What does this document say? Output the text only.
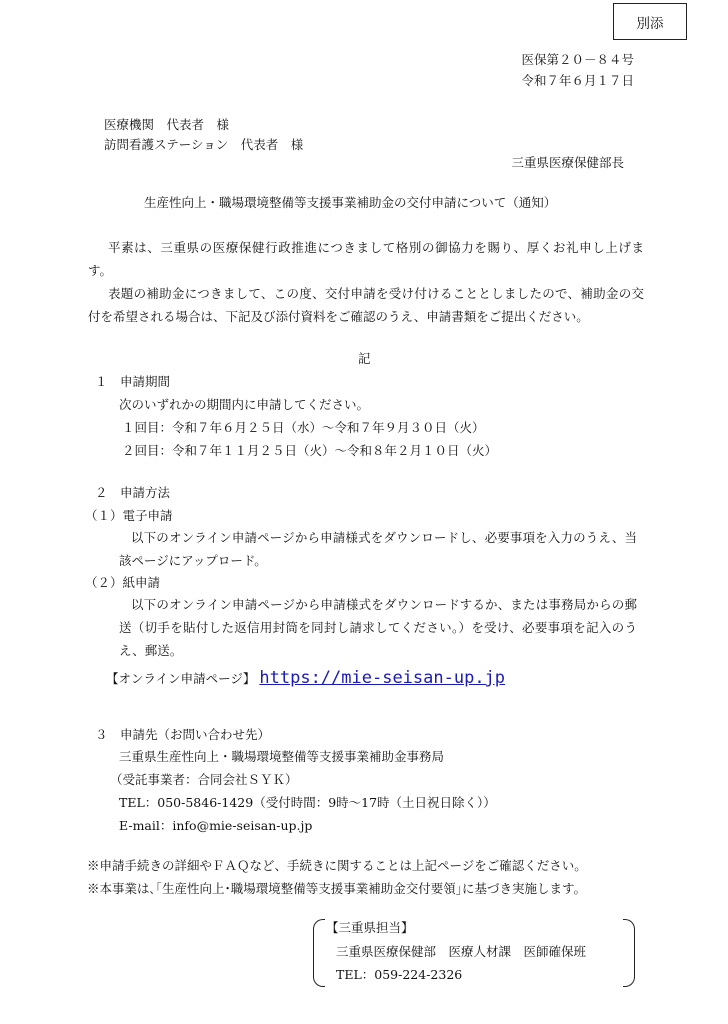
別添
医保第２０－８４号
令和７年６月１７日
医療機関　代表者　様
訪問看護ステーション　代表者　様
三重県医療保健部長
生産性向上・職場環境整備等支援事業補助金の交付申請について（通知）
平素は、三重県の医療保健行政推進につきまして格別の御協力を賜り、厚くお礼申し上げます。
表題の補助金につきまして、この度、交付申請を受け付けることとしましたので、補助金の交付を希望される場合は、下記及び添付資料をご確認のうえ、申請書類をご提出ください。
記
１　申請期間
次のいずれかの期間内に申請してください。
１回目：令和７年６月２５日（水）～令和７年９月３０日（火）
２回目：令和７年１１月２５日（火）～令和８年２月１０日（火）
２　申請方法
（１）電子申請
以下のオンライン申請ページから申請様式をダウンロードし、必要事項を入力のうえ、当該ページにアップロード。
（２）紙申請
以下のオンライン申請ページから申請様式をダウンロードするか、または事務局からの郵送（切手を貼付した返信用封筒を同封し請求してください。）を受け、必要事項を記入のうえ、郵送。
【オンライン申請ページ】 https://mie-seisan-up.jp
３　申請先（お問い合わせ先）
三重県生産性向上・職場環境整備等支援事業補助金事務局
（受託事業者：合同会社ＳＹＫ）
TEL：050-5846-1429（受付時間：9時～17時（土日祝日除く））
E-mail：info@mie-seisan-up.jp
※申請手続きの詳細やＦＡＱなど、手続きに関することは上記ページをご確認ください。
※本事業は､｢生産性向上･職場環境整備等支援事業補助金交付要領｣に基づき実施します。
【三重県担当】
三重県医療保健部　医療人材課　医師確保班
TEL：059-224-2326
